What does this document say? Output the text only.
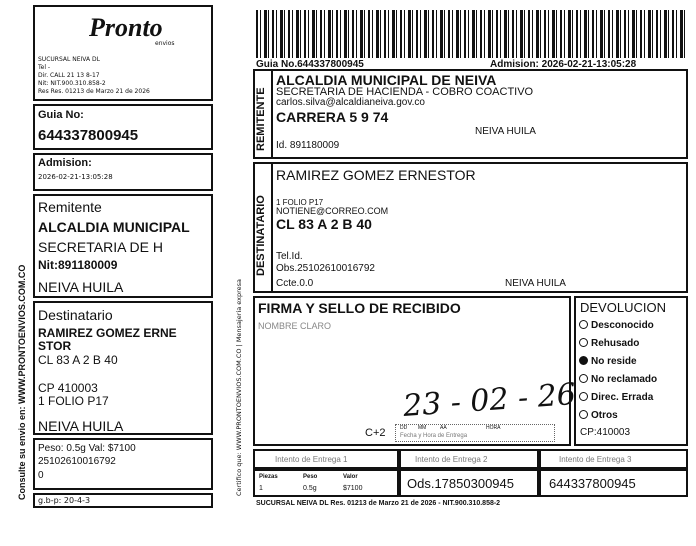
Consulte su envio en: WWW.PRONTOENVIOS.COM.CO
Pronto
envios
SUCURSAL NEIVA DL
Tel -
Dir. CALL 21 13 8-17
Nit: NIT.900.310.858-2
Res Res. 01213 de Marzo 21 de 2026
Guia No:
644337800945
Admision:
2026-02-21-13:05:28
Remitente
ALCALDIA MUNICIPAL
SECRETARIA DE H
Nit:891180009
NEIVA HUILA
Destinatario
RAMIREZ GOMEZ ERNE
STOR
CL 83 A 2 B 40
CP 410003
1 FOLIO P17
NEIVA HUILA
Peso: 0.5g Val: $7100
25102610016792
0
g.b-p: 20-4-3
Guia No.644337800945	Admision: 2026-02-21-13:05:28
Certifico que: WWW.PRONTOENVIOS.COM.CO | Mensajeria expresa
REMITENTE
ALCALDIA MUNICIPAL DE NEIVA
SECRETARIA DE HACIENDA - COBRO COACTIVO
carlos.silva@alcaldianeiva.gov.co
CARRERA 5 9 74
NEIVA HUILA
Id. 891180009
DESTINATARIO
RAMIREZ GOMEZ ERNESTOR
1 FOLIO P17
NOTIENE@CORREO.COM
CL 83 A 2 B 40
Tel.Id.
Obs.25102610016792
Ccte.0.0	NEIVA HUILA
FIRMA Y SELLO DE RECIBIDO
NOMBRE CLARO
23 - 02 - 26
C+2	DD MM	AA	HORA
Fecha y Hora de Entrega
DEVOLUCION
Desconocido
Rehusado
No reside
No reclamado
Direc. Errada
Otros
CP:410003
Intento de Entrega 1	Intento de Entrega 2	Intento de Entrega 3
Piezas	Peso	Valor
1	0.5g	$7100	Ods.17850300945	644337800945
SUCURSAL NEIVA DL Res. 01213 de Marzo 21 de 2026 - NIT.900.310.858-2
